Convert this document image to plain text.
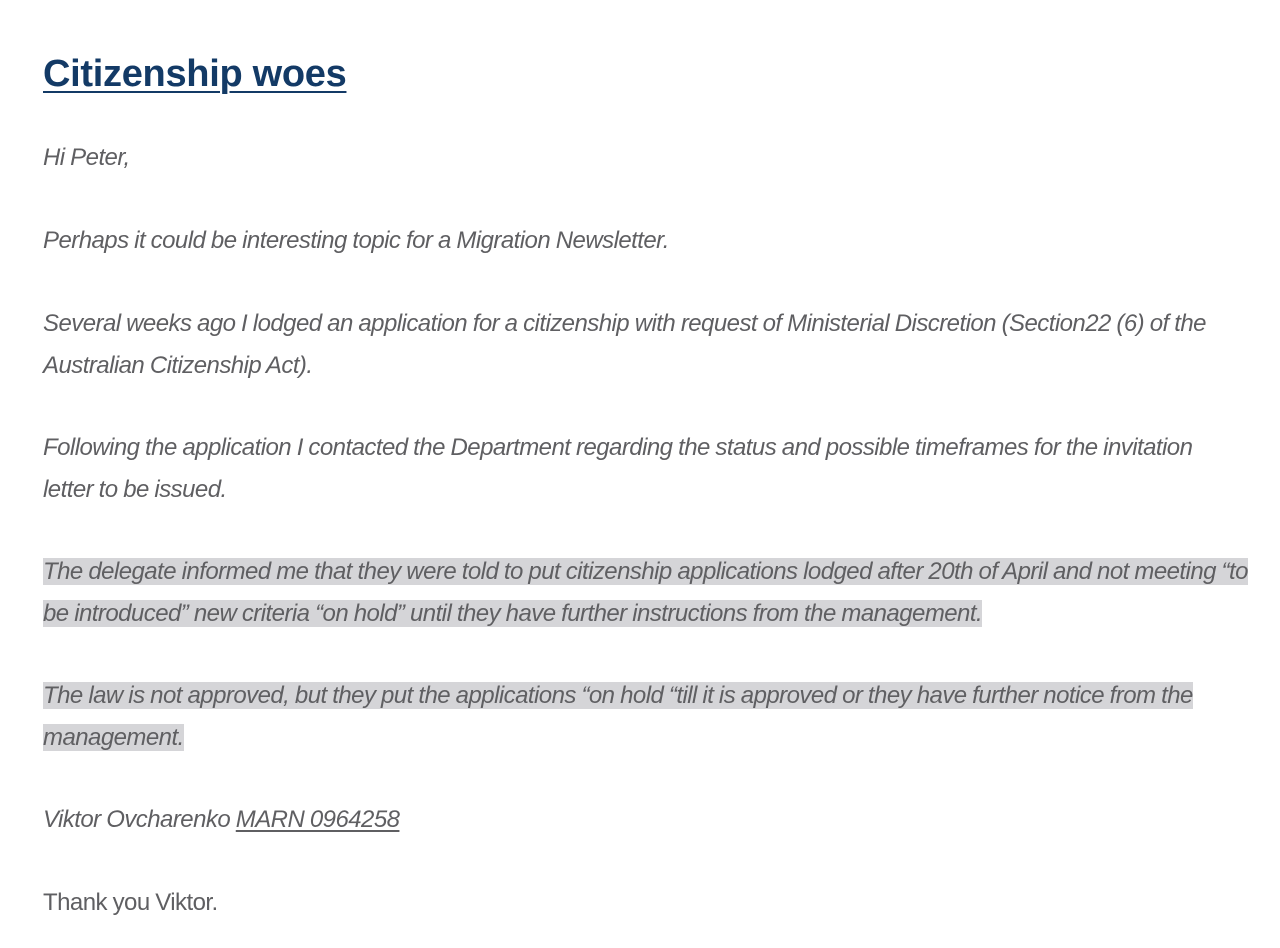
Citizenship woes

Hi Peter,

Perhaps it could be interesting topic for a Migration Newsletter.

Several weeks ago I lodged an application for a citizenship with request of Ministerial Discretion (Section22 (6) of the Australian Citizenship Act).

Following the application I contacted the Department regarding the status and possible timeframes for the invitation letter to be issued.

The delegate informed me that they were told to put citizenship applications lodged after 20th of April and not meeting “to be introduced” new criteria “on hold” until they have further instructions from the management.

The law is not approved, but they put the applications “on hold “till it is approved or they have further notice from the management.

Viktor Ovcharenko MARN 0964258

Thank you Viktor.
